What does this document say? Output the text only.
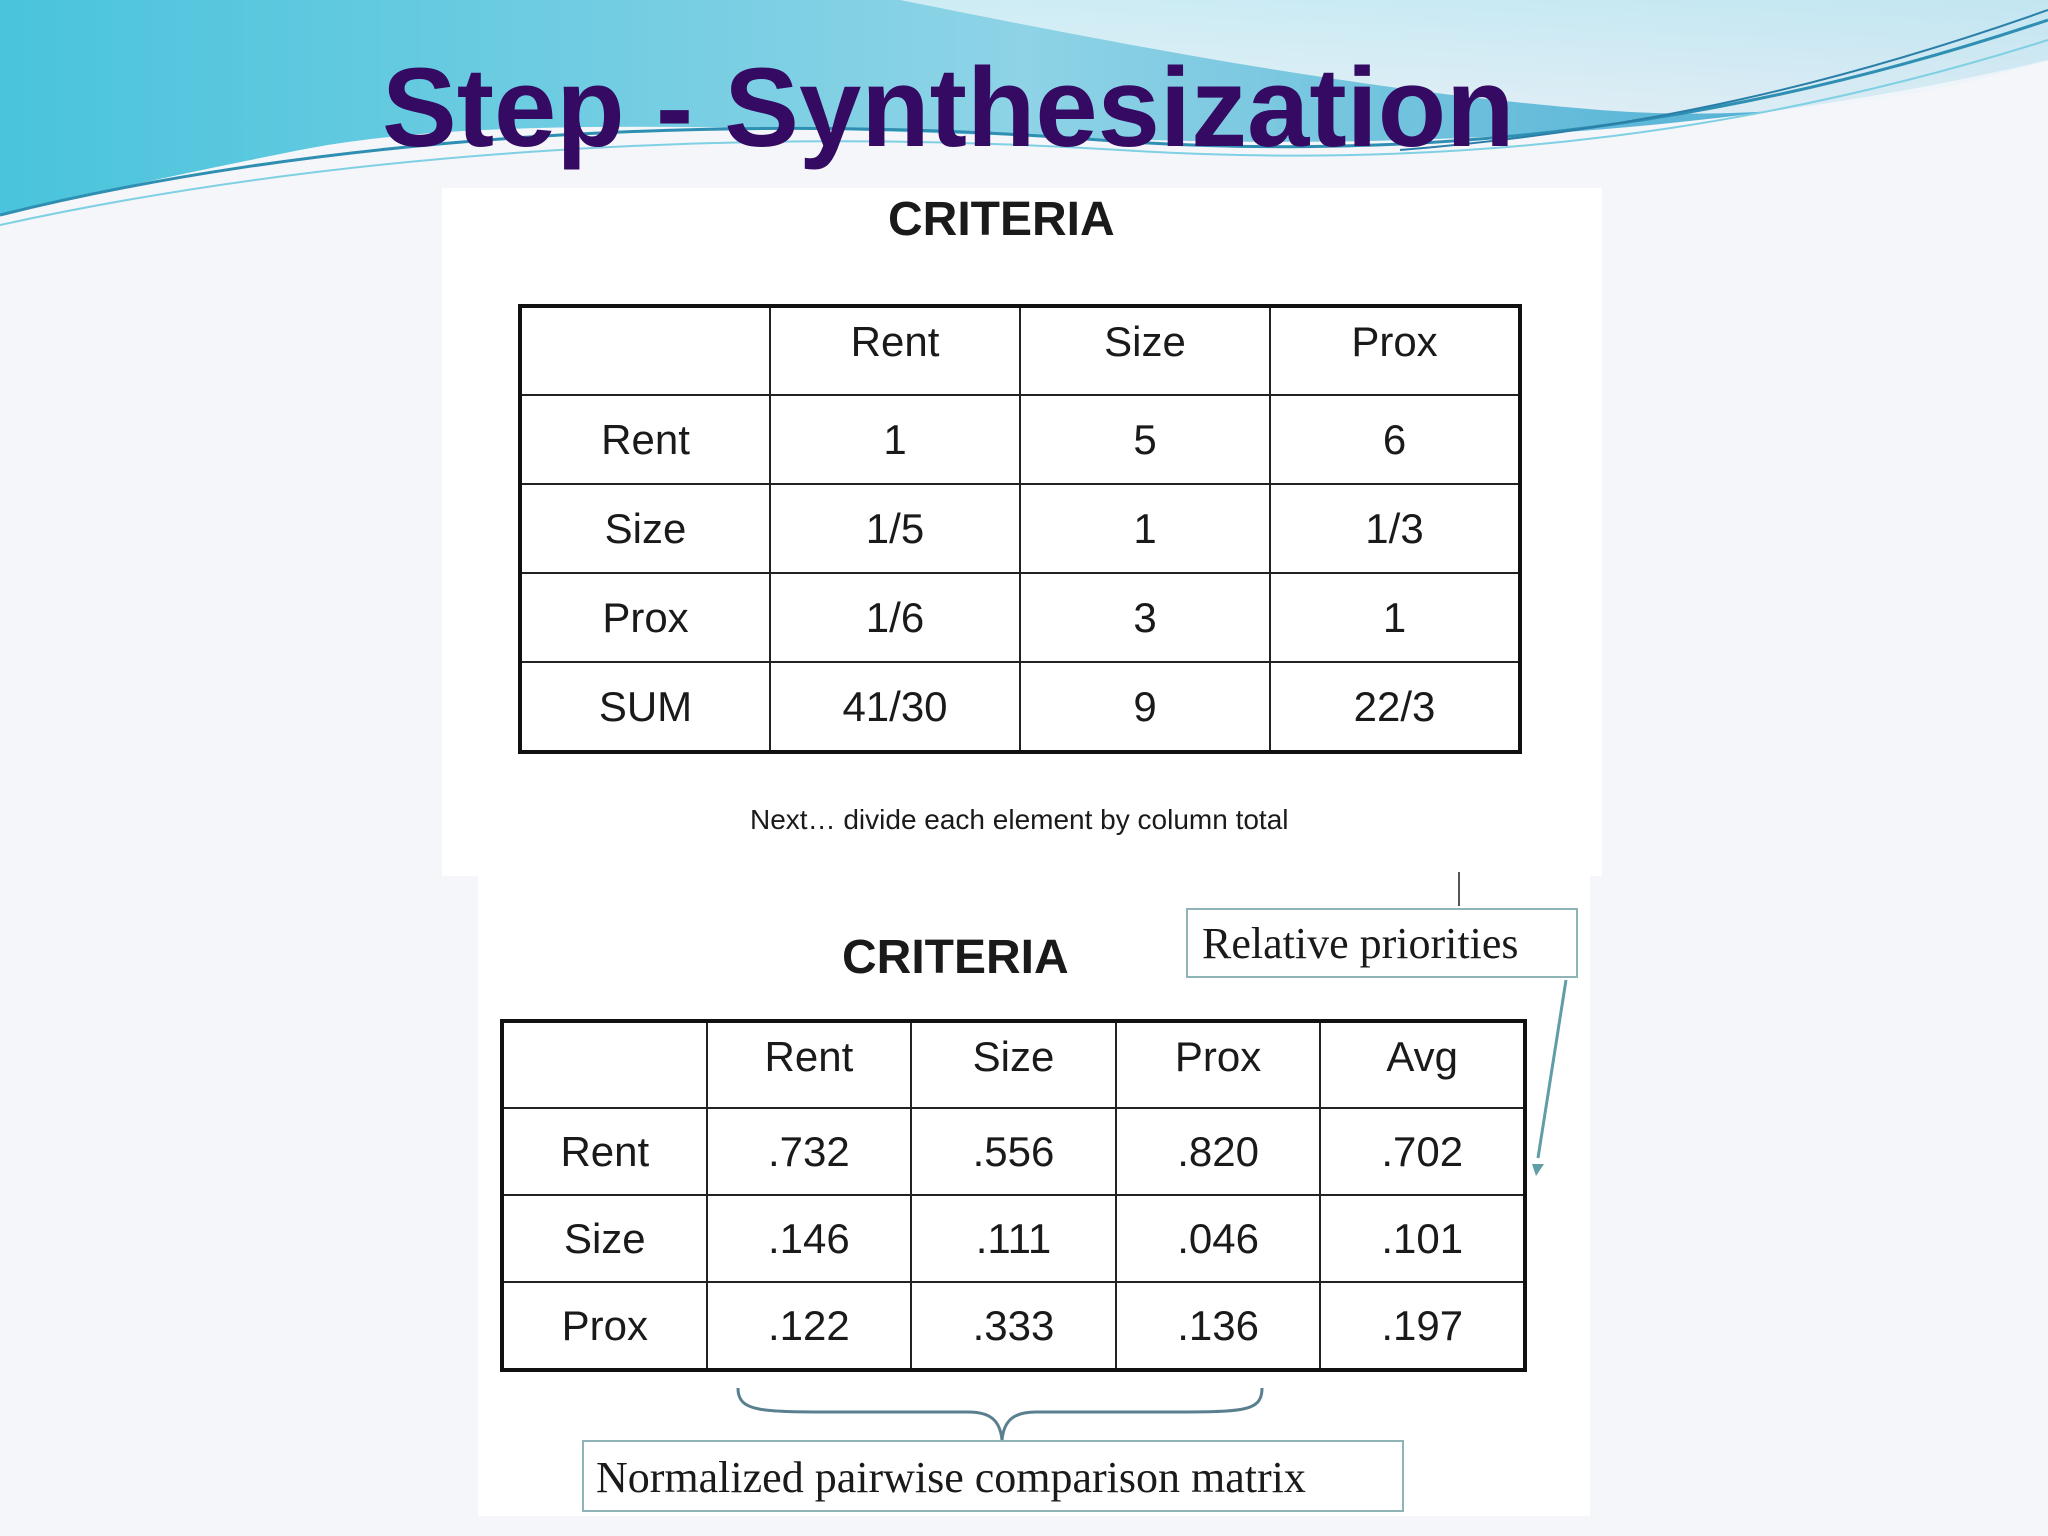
Step - Synthesization
CRITERIA
	Rent	Size	Prox
Rent	1	5	6
Size	1/5	1	1/3
Prox	1/6	3	1
SUM	41/30	9	22/3
Next… divide each element by column total
CRITERIA	Relative priorities
	Rent	Size	Prox	Avg
Rent	.732	.556	.820	.702
Size	.146	.111	.046	.101
Prox	.122	.333	.136	.197
Normalized pairwise comparison matrix
